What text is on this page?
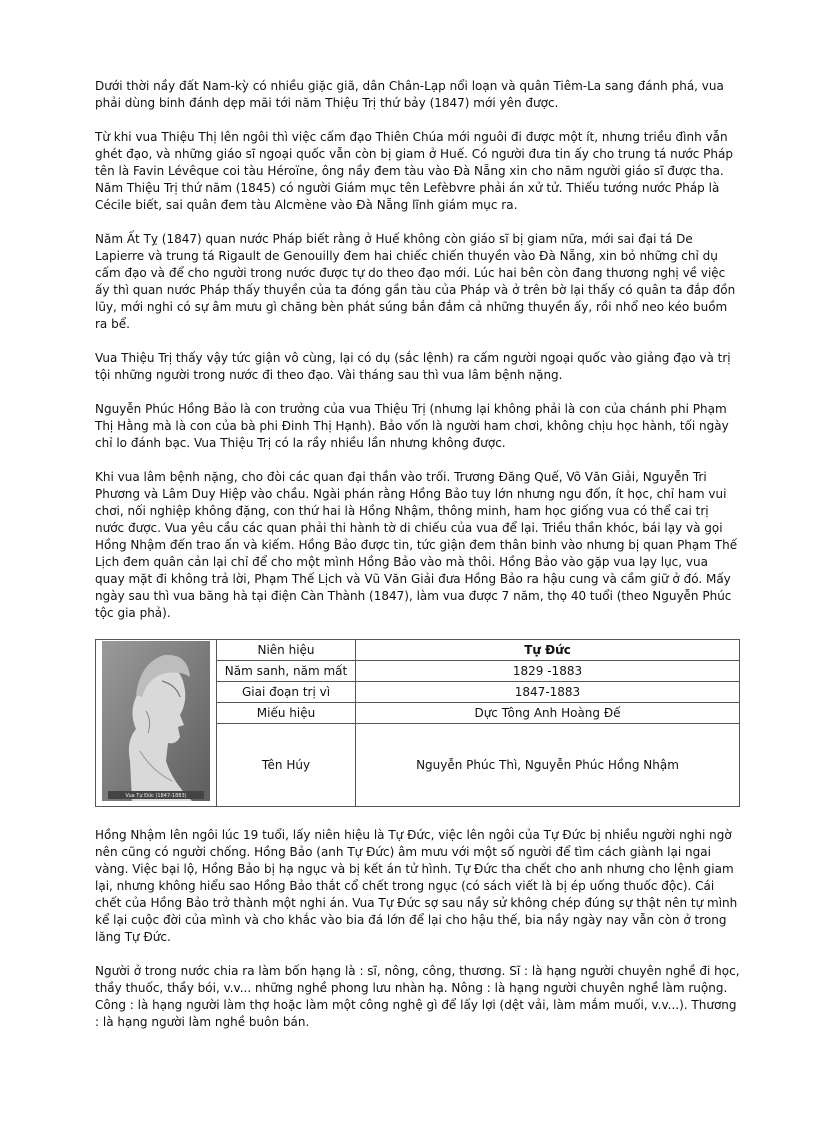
Dưới thời nầy đất Nam-kỳ có nhiều giặc giã, dân Chân-Lạp nổi loạn và quân Tiêm-La sang đánh phá, vua phải dùng binh đánh dẹp mãi tới năm Thiệu Trị thứ bảy (1847) mới yên được.

Từ khi vua Thiệu Thị lên ngôi thì việc cấm đạo Thiên Chúa mới nguôi đi được một ít, nhưng triều đình vẫn ghét đạo, và những giáo sĩ ngoại quốc vẫn còn bị giam ở Huế. Có người đưa tin ấy cho trung tá nước Pháp tên là Favin Lévêque coi tàu Héroïne, ông nầy đem tàu vào Đà Nẵng xin cho năm người giáo sĩ được tha. Năm Thiệu Trị thứ năm (1845) có người Giám mục tên Lefèbvre phải án xử tử. Thiếu tướng nước Pháp là Cécile biết, sai quân đem tàu Alcmène vào Đà Nẵng lĩnh giám mục ra.

Năm Ất Tỵ (1847) quan nước Pháp biết rằng ở Huế không còn giáo sĩ bị giam nữa, mới sai đại tá De Lapierre và trung tá Rigault de Genouilly đem hai chiếc chiến thuyền vào Đà Nẵng, xin bỏ những chỉ dụ cấm đạo và để cho người trong nước được tự do theo đạo mới. Lúc hai bên còn đang thương nghị về việc ấy thì quan nước Pháp thấy thuyền của ta đóng gần tàu của Pháp và ở trên bờ lại thấy có quân ta đắp đồn lũy, mới nghi có sự âm mưu gì chăng bèn phát súng bắn đắm cả những thuyền ấy, rồi nhổ neo kéo buồm ra bể.

Vua Thiệu Trị thấy vậy tức giận vô cùng, lại có dụ (sắc lệnh) ra cấm người ngoại quốc vào giảng đạo và trị tội những người trong nước đi theo đạo. Vài tháng sau thì vua lâm bệnh nặng.

Nguyễn Phúc Hồng Bảo là con trưởng của vua Thiệu Trị (nhưng lại không phải là con của chánh phi Phạm Thị Hằng mà là con của bà phi Đinh Thị Hạnh). Bảo vốn là người ham chơi, không chịu học hành, tối ngày chỉ lo đánh bạc. Vua Thiệu Trị có la rầy nhiều lần nhưng không được.

Khi vua lâm bệnh nặng, cho đòi các quan đại thần vào trối. Trương Đăng Quế, Võ Văn Giải, Nguyễn Tri Phương và Lâm Duy Hiệp vào chầu. Ngài phán rằng Hồng Bảo tuy lớn nhưng ngu đốn, ít học, chỉ ham vui chơi, nối nghiệp không đặng, con thứ hai là Hồng Nhậm, thông minh, ham học giống vua có thể cai trị nước được. Vua yêu cầu các quan phải thi hành tờ di chiếu của vua để lại. Triều thần khóc, bái lạy và gọi Hồng Nhậm đến trao ấn và kiếm. Hồng Bảo được tin, tức giận đem thân binh vào nhưng bị quan Phạm Thế Lịch đem quân cản lại chỉ để cho một mình Hồng Bảo vào mà thôi. Hồng Bảo vào gặp vua lạy lục, vua quay mặt đi không trả lời, Phạm Thế Lịch và Vũ Văn Giải đưa Hồng Bảo ra hậu cung và cầm giữ ở đó. Mấy ngày sau thì vua băng hà tại điện Càn Thành (1847), làm vua được 7 năm, thọ 40 tuổi (theo Nguyễn Phúc tộc gia phả).

Vua Tự Đức (1847-1883)	Niên hiệu	Tự Đức
	Năm sanh, năm mất	1829 -1883
	Giai đoạn trị vì	1847-1883
	Miếu hiệu	Dực Tông Anh Hoàng Đế
	Tên Húy	Nguyễn Phúc Thì, Nguyễn Phúc Hồng Nhậm

Hồng Nhậm lên ngôi lúc 19 tuổi, lấy niên hiệu là Tự Đức, việc lên ngôi của Tự Đức bị nhiều người nghi ngờ nên cũng có người chống. Hồng Bảo (anh Tự Đức) âm mưu với một số người để tìm cách giành lại ngai vàng. Việc bại lộ, Hồng Bảo bị hạ ngục và bị kết án tử hình. Tự Đức tha chết cho anh nhưng cho lệnh giam lại, nhưng không hiểu sao Hồng Bảo thắt cổ chết trong ngục (có sách viết là bị ép uống thuốc độc). Cái chết của Hồng Bảo trở thành một nghi án. Vua Tự Đức sợ sau nầy sử không chép đúng sự thật nên tự mình kể lại cuộc đời của mình và cho khắc vào bia đá lớn để lại cho hậu thế, bia nầy ngày nay vẫn còn ở trong lăng Tự Đức.

Người ở trong nước chia ra làm bốn hạng là : sĩ, nông, công, thương. Sĩ : là hạng người chuyên nghề đi học, thầy thuốc, thầy bói, v.v... những nghề phong lưu nhàn hạ. Nông : là hạng người chuyên nghề làm ruộng. Công : là hạng người làm thợ hoặc làm một công nghệ gì để lấy lợi (dệt vải, làm mắm muối, v.v...). Thương : là hạng người làm nghề buôn bán.
